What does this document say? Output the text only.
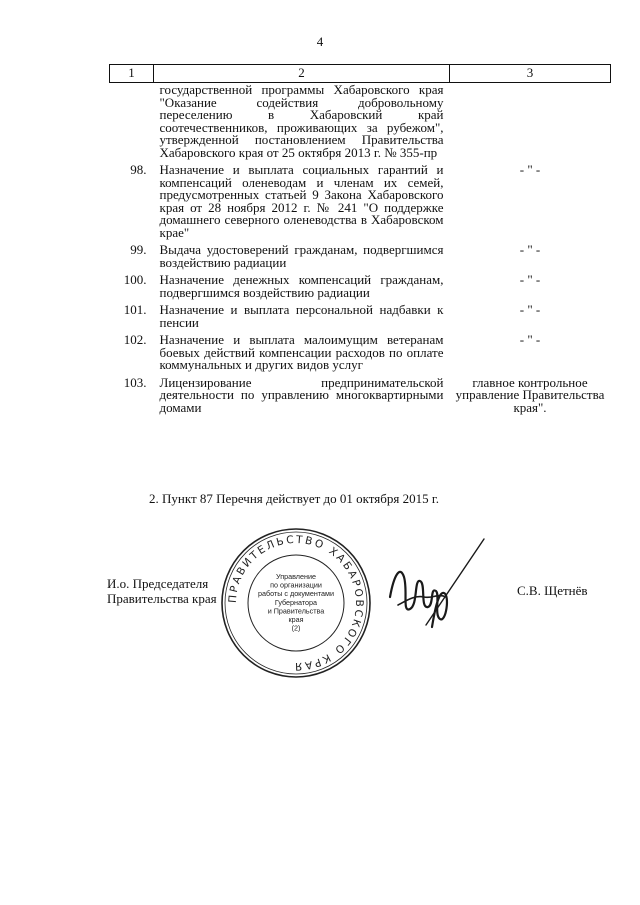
4
1	2	3
	государственной программы Хабаровского края "Оказание содействия добровольному переселению в Хабаровский край соотечественников, проживающих за рубежом", утвержденной постановлением Правительства Хабаровского края от 25 октября 2013 г. № 355-пр	
98.	Назначение и выплата социальных гарантий и компенсаций оленеводам и членам их семей, предусмотренных статьей 9 Закона Хабаровского края от 28 ноября 2012 г. № 241 "О поддержке домашнего северного оленеводства в Хабаровском крае"	- " -
99.	Выдача удостоверений гражданам, подвергшимся воздействию радиации	- " -
100.	Назначение денежных компенсаций гражданам, подвергшимся воздействию радиации	- " -
101.	Назначение и выплата персональной надбавки к пенсии	- " -
102.	Назначение и выплата малоимущим ветеранам боевых действий компенсации расходов по оплате коммунальных и других видов услуг	- " -
103.	Лицензирование предпринимательской деятельности по управлению многоквартирными домами	главное контрольное управление Правительства края".
2. Пункт 87 Перечня действует до 01 октября 2015 г.
И.о. Председателя
Правительства края ПРАВИТЕЛЬСТВО ХАБАРОВСКОГО КРАЯ
Управление
по организации
работы с документами
Губернатора
и Правительства
края
(2)
С.В. Щетнёв
